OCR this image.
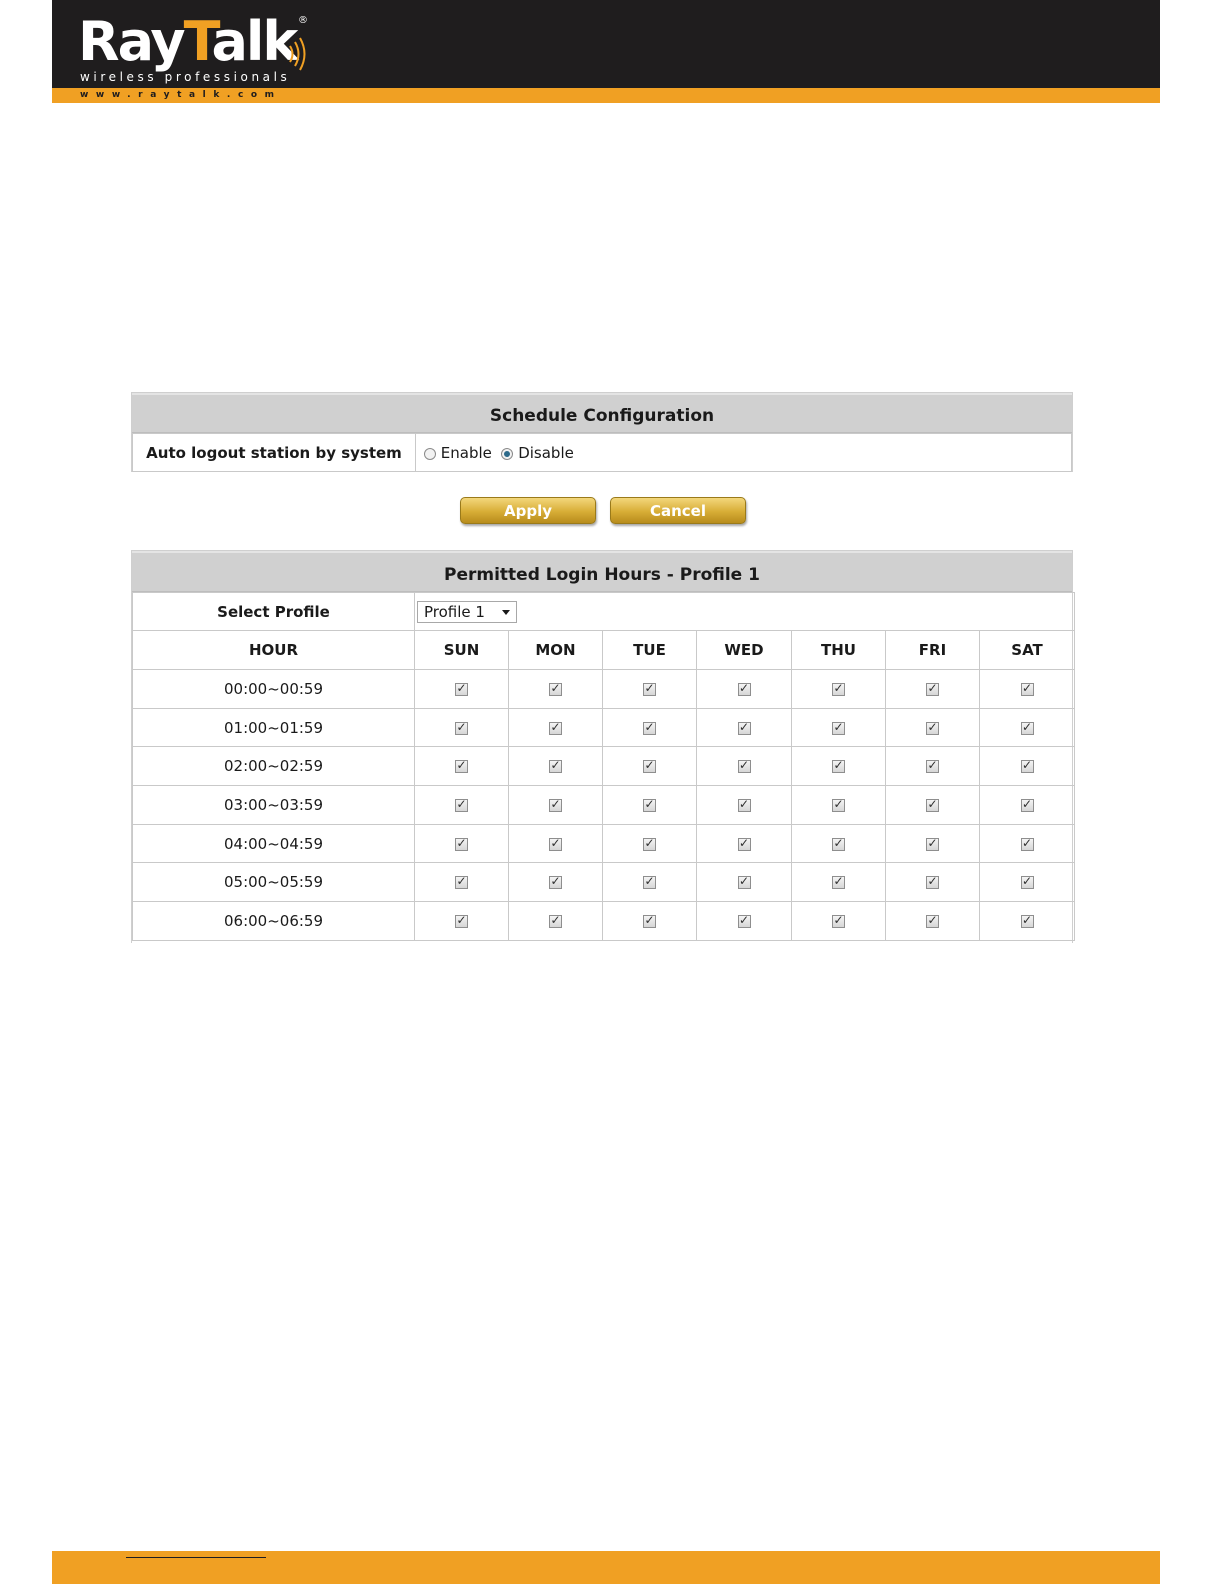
RayTalk ®
wireless professionals
www.raytalk.com
Schedule Configuration
Auto logout station by system	Enable Disable
Apply	Cancel
Permitted Login Hours - Profile 1
Select Profile	Profile 1						

HOUR	SUN	MON	TUE	WED	THU	FRI	SAT
00:00~00:59	✓	✓	✓	✓	✓	✓	✓

01:00~01:59	✓	✓	✓	✓	✓	✓	✓

02:00~02:59	✓	✓	✓	✓	✓	✓	✓

03:00~03:59	✓	✓	✓	✓	✓	✓	✓

04:00~04:59	✓	✓	✓	✓	✓	✓	✓

05:00~05:59	✓	✓	✓	✓	✓	✓	✓

06:00~06:59	✓	✓	✓	✓	✓	✓	✓
